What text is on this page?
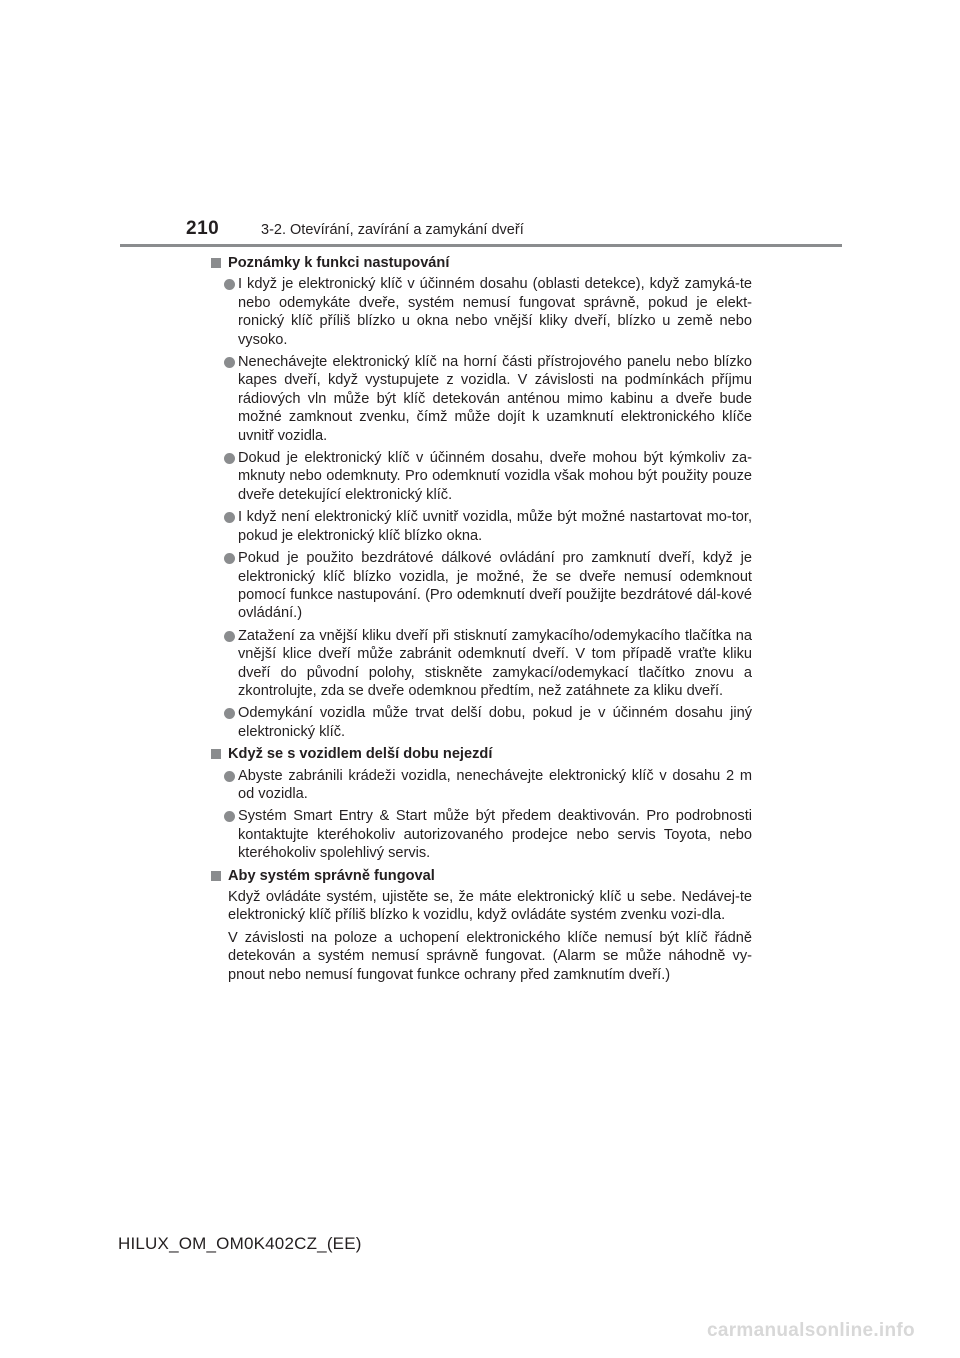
210	3-2. Otevírání, zavírání a zamykání dveří
Poznámky k funkci nastupování
I když je elektronický klíč v účinném dosahu (oblasti detekce), když zamyká-te nebo odemykáte dveře, systém nemusí fungovat správně, pokud je elekt-ronický klíč příliš blízko u okna nebo vnější kliky dveří, blízko u země nebo vysoko.
Nenechávejte elektronický klíč na horní části přístrojového panelu nebo blízko kapes dveří, když vystupujete z vozidla. V závislosti na podmínkách příjmu rádiových vln může být klíč detekován anténou mimo kabinu a dveře bude možné zamknout zvenku, čímž může dojít k uzamknutí elektronického klíče uvnitř vozidla.
Dokud je elektronický klíč v účinném dosahu, dveře mohou být kýmkoliv za-mknuty nebo odemknuty. Pro odemknutí vozidla však mohou být použity pouze dveře detekující elektronický klíč.
I když není elektronický klíč uvnitř vozidla, může být možné nastartovat mo-tor, pokud je elektronický klíč blízko okna.
Pokud je použito bezdrátové dálkové ovládání pro zamknutí dveří, když je elektronický klíč blízko vozidla, je možné, že se dveře nemusí odemknout pomocí funkce nastupování. (Pro odemknutí dveří použijte bezdrátové dál-kové ovládání.)
Zatažení za vnější kliku dveří při stisknutí zamykacího/odemykacího tlačítka na vnější klice dveří může zabránit odemknutí dveří. V tom případě vraťte kliku dveří do původní polohy, stiskněte zamykací/odemykací tlačítko znovu a zkontrolujte, zda se dveře odemknou předtím, než zatáhnete za kliku dveří.
Odemykání vozidla může trvat delší dobu, pokud je v účinném dosahu jiný elektronický klíč.
Když se s vozidlem delší dobu nejezdí
Abyste zabránili krádeži vozidla, nenechávejte elektronický klíč v dosahu 2 m od vozidla.
Systém Smart Entry & Start může být předem deaktivován. Pro podrobnosti kontaktujte kteréhokoliv autorizovaného prodejce nebo servis Toyota, nebo kteréhokoliv spolehlivý servis.
Aby systém správně fungoval
Když ovládáte systém, ujistěte se, že máte elektronický klíč u sebe. Nedávej-te elektronický klíč příliš blízko k vozidlu, když ovládáte systém zvenku vozi-dla.
V závislosti na poloze a uchopení elektronického klíče nemusí být klíč řádně detekován a systém nemusí správně fungovat. (Alarm se může náhodně vy-pnout nebo nemusí fungovat funkce ochrany před zamknutím dveří.)
HILUX_OM_OM0K402CZ_(EE)
carmanualsonline.info
